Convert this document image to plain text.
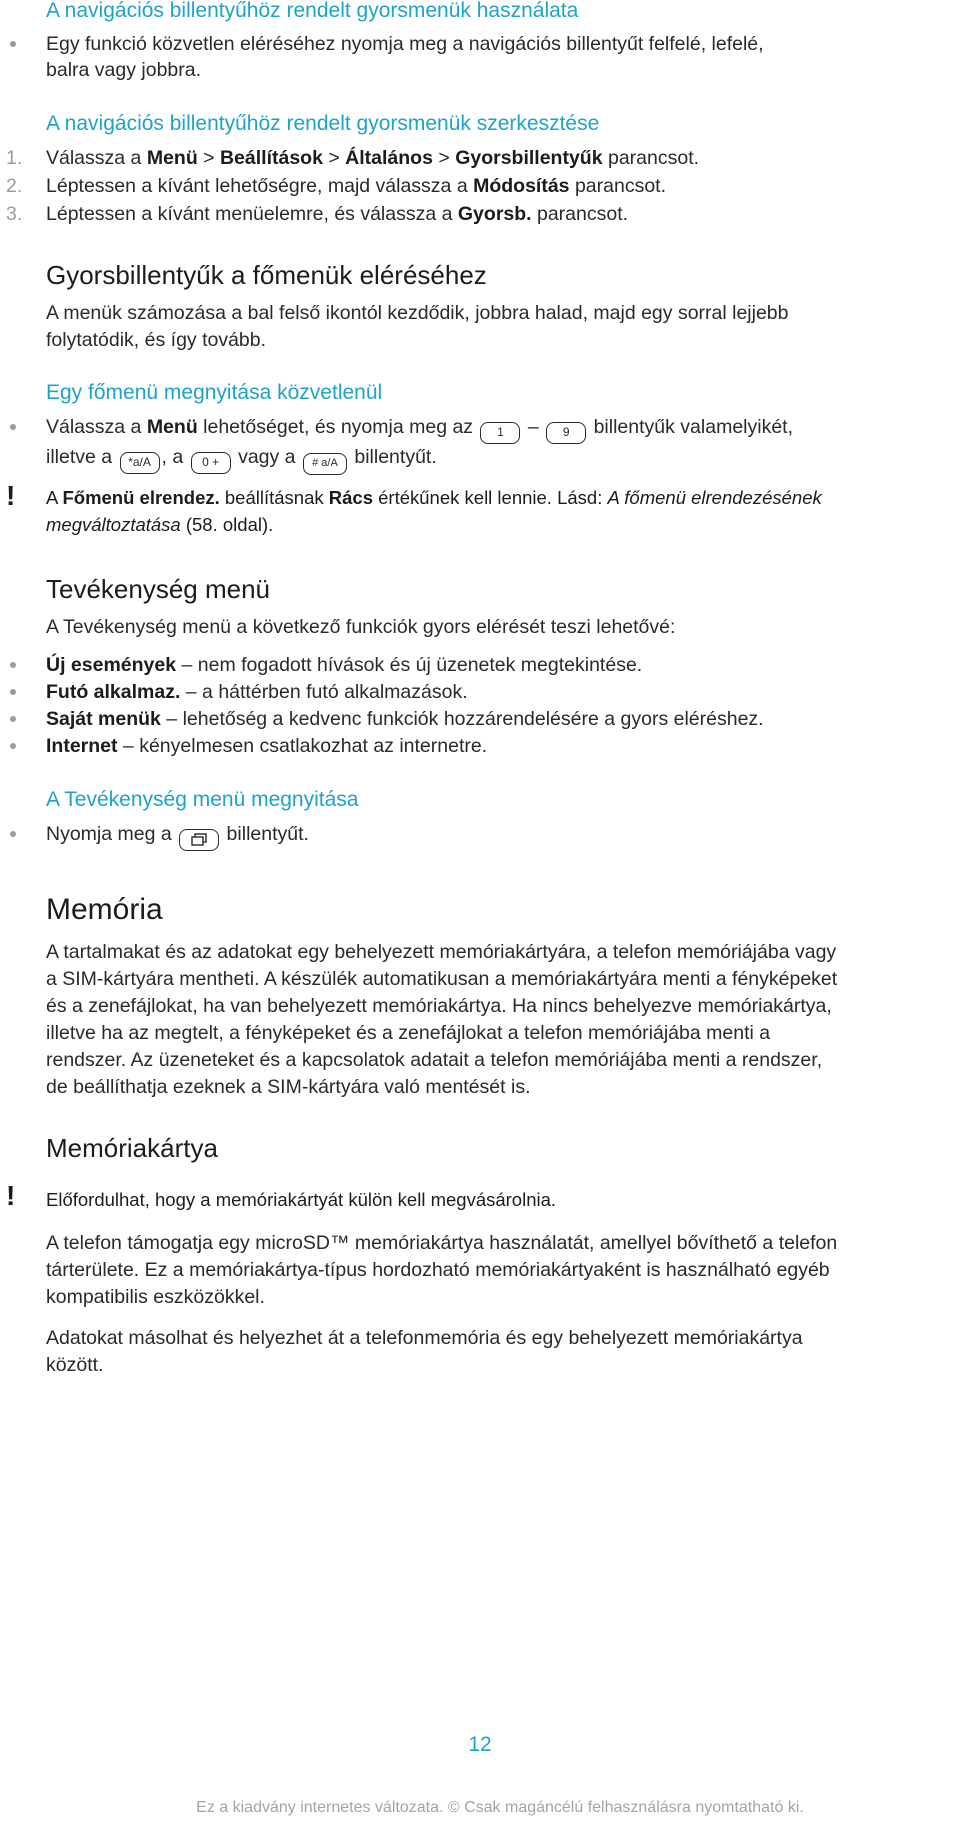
A navigációs billentyűhöz rendelt gyorsmenük használata
Egy funkció közvetlen eléréséhez nyomja meg a navigációs billentyűt felfelé, lefelé,
balra vagy jobbra.
A navigációs billentyűhöz rendelt gyorsmenük szerkesztése
1. Válassza a Menü > Beállítások > Általános > Gyorsbillentyűk parancsot.
2. Léptessen a kívánt lehetőségre, majd válassza a Módosítás parancsot.
3. Léptessen a kívánt menüelemre, és válassza a Gyorsb. parancsot.
Gyorsbillentyűk a főmenük eléréséhez
A menük számozása a bal felső ikontól kezdődik, jobbra halad, majd egy sorral lejjebb
folytatódik, és így tovább.
Egy főmenü megnyitása közvetlenül
Válassza a Menü lehetőséget, és nyomja meg az 1 – 9 billentyűk valamelyikét,
illetve a *a/A , a 0 + vagy a # a/A billentyűt.
! A Főmenü elrendez. beállításnak Rács értékűnek kell lennie. Lásd: A főmenü elrendezésének
megváltoztatása (58. oldal).
Tevékenység menü
A Tevékenység menü a következő funkciók gyors elérését teszi lehetővé:
Új események – nem fogadott hívások és új üzenetek megtekintése.
Futó alkalmaz. – a háttérben futó alkalmazások.
Saját menük – lehetőség a kedvenc funkciók hozzárendelésére a gyors eléréshez.
Internet – kényelmesen csatlakozhat az internetre.
A Tevékenység menü megnyitása
Nyomja meg a  billentyűt.
Memória
A tartalmakat és az adatokat egy behelyezett memóriakártyára, a telefon memóriájába vagy
a SIM-kártyára mentheti. A készülék automatikusan a memóriakártyára menti a fényképeket
és a zenefájlokat, ha van behelyezett memóriakártya. Ha nincs behelyezve memóriakártya,
illetve ha az megtelt, a fényképeket és a zenefájlokat a telefon memóriájába menti a
rendszer. Az üzeneteket és a kapcsolatok adatait a telefon memóriájába menti a rendszer,
de beállíthatja ezeknek a SIM-kártyára való mentését is.
Memóriakártya
! Előfordulhat, hogy a memóriakártyát külön kell megvásárolnia.
A telefon támogatja egy microSD™ memóriakártya használatát, amellyel bővíthető a telefon
tárterülete. Ez a memóriakártya-típus hordozható memóriakártyaként is használható egyéb
kompatibilis eszközökkel.
Adatokat másolhat és helyezhet át a telefonmemória és egy behelyezett memóriakártya
között.
12
Ez a kiadvány internetes változata. © Csak magáncélú felhasználásra nyomtatható ki.
